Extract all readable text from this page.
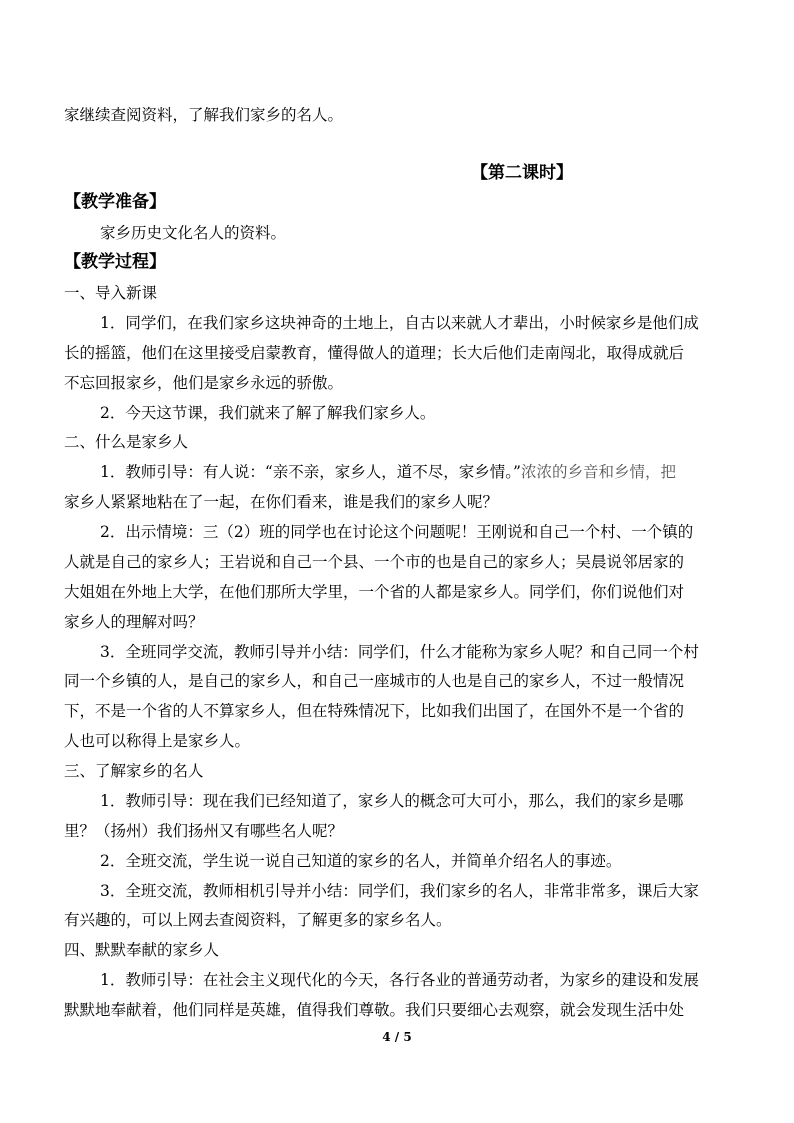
家继续查阅资料，了解我们家乡的名人。
【第二课时】
【教学准备】
家乡历史文化名人的资料。
【教学过程】
一、导入新课
1．同学们，在我们家乡这块神奇的土地上，自古以来就人才辈出，小时候家乡是他们成
长的摇篮，他们在这里接受启蒙教育，懂得做人的道理；长大后他们走南闯北，取得成就后
不忘回报家乡，他们是家乡永远的骄傲。
2．今天这节课，我们就来了解了解我们家乡人。
二、什么是家乡人
1．教师引导：有人说：“亲不亲，家乡人，道不尽，家乡情。”浓浓的乡音和乡情，把
家乡人紧紧地粘在了一起，在你们看来，谁是我们的家乡人呢？
2．出示情境：三（2）班的同学也在讨论这个问题呢！王刚说和自己一个村、一个镇的
人就是自己的家乡人；王岩说和自己一个县、一个市的也是自己的家乡人；吴晨说邻居家的
大姐姐在外地上大学，在他们那所大学里，一个省的人都是家乡人。同学们，你们说他们对
家乡人的理解对吗？
3．全班同学交流，教师引导并小结：同学们，什么才能称为家乡人呢？和自己同一个村
同一个乡镇的人，是自己的家乡人，和自己一座城市的人也是自己的家乡人，不过一般情况
下，不是一个省的人不算家乡人，但在特殊情况下，比如我们出国了，在国外不是一个省的
人也可以称得上是家乡人。
三、了解家乡的名人
1．教师引导：现在我们已经知道了，家乡人的概念可大可小，那么，我们的家乡是哪
里？（扬州）我们扬州又有哪些名人呢？
2．全班交流，学生说一说自己知道的家乡的名人，并简单介绍名人的事迹。
3．全班交流，教师相机引导并小结：同学们，我们家乡的名人，非常非常多，课后大家
有兴趣的，可以上网去查阅资料，了解更多的家乡名人。
四、默默奉献的家乡人
1．教师引导：在社会主义现代化的今天，各行各业的普通劳动者，为家乡的建设和发展
默默地奉献着，他们同样是英雄，值得我们尊敬。我们只要细心去观察，就会发现生活中处
4 / 5
